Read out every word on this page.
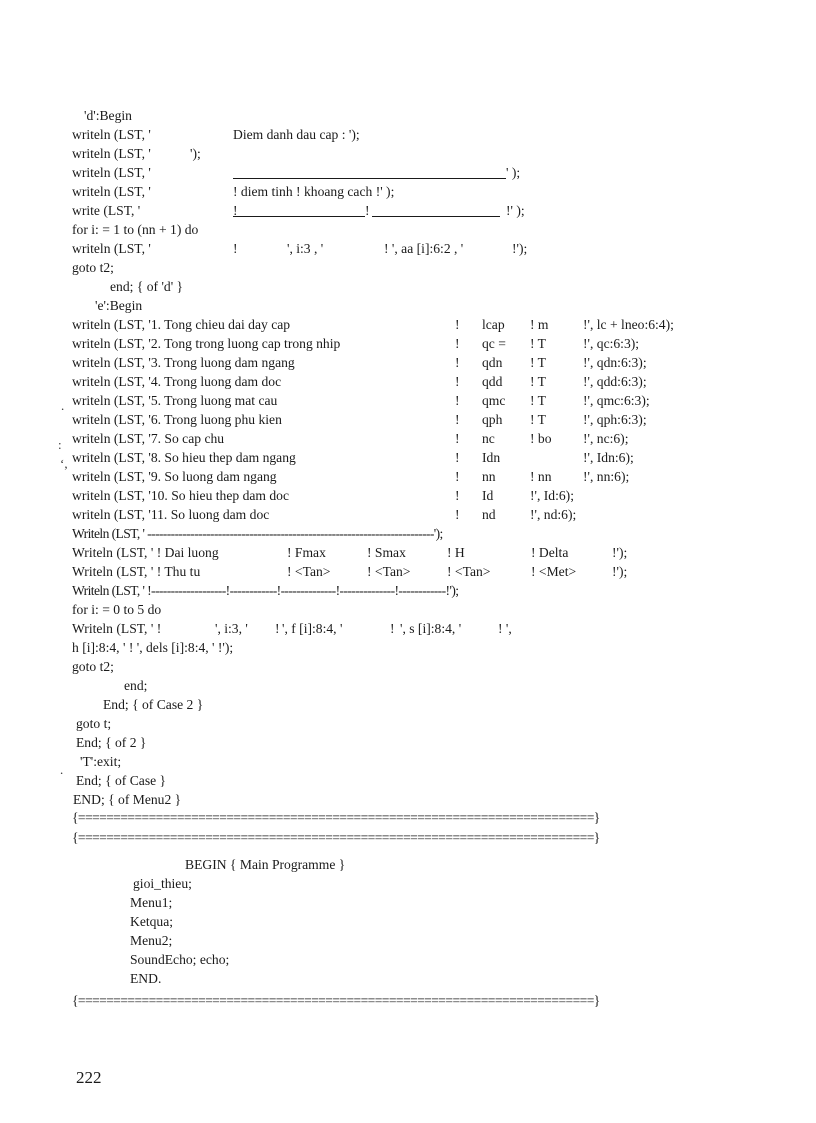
'd':Begin
writeln (LST, '	Diem danh dau cap : ');
writeln (LST, '	');
writeln (LST, '	' );
writeln (LST, '	! diem tinh ! khoang cach !' );
write (LST, '	!	!	!' );
for i: = 1 to (nn + 1) do
writeln (LST, '	!	', i:3 , '	! ', aa [i]:6:2 , '	!');
goto t2;
end; { of 'd' }
'e':Begin
writeln (LST, '1. Tong chieu dai day cap	! lcap ! m	!', lc + lneo:6:4);
writeln (LST, '2. Tong trong luong cap trong nhip	! qc = ! T	!', qc:6:3);
writeln (LST, '3. Trong luong dam ngang	! qdn ! T	!', qdn:6:3);
writeln (LST, '4. Trong luong dam doc	! qdd ! T	!', qdd:6:3);
writeln (LST, '5. Trong luong mat cau	! qmc ! T	!', qmc:6:3);
writeln (LST, '6. Trong luong phu kien	! qph ! T	!', qph:6:3);
writeln (LST, '7. So cap chu	! nc	! bo !', nc:6);
writeln (LST, '8. So hieu thep dam ngang	! Idn	!', Idn:6);
writeln (LST, '9. So luong dam ngang	! nn	! nn !', nn:6);
writeln (LST, '10. So hieu thep dam doc	! Id	!', Id:6);
writeln (LST, '11. So luong dam doc	! nd	!', nd:6);
Writeln (LST, ' -------------------------------------------------------------------------');
Writeln (LST, ' ! Dai luong	! Fmax	! Smax	! H	! Delta	!');
Writeln (LST, ' ! Thu tu	! <Tan>	! <Tan>	! <Tan>	! <Met>	!');
Writeln (LST, ' !-------------------!------------!--------------!--------------!------------!');
for i: = 0 to 5 do
Writeln (LST, ' !	', i:3, ' ! ', f [i]:8:4, '	! ', s [i]:8:4, '	! ',
h [i]:8:4, ' ! ', dels [i]:8:4, ' !');
goto t2;
end;
End; { of Case 2 }
goto t;
End; { of 2 }
'T':exit;
End; { of Case }
END; { of Menu2 }
{=========================================================================}
{=========================================================================}
BEGIN { Main Programme }
gioi_thieu;
Menu1;
Ketqua;
Menu2;
SoundEcho; echo;
END.
{=========================================================================}
.
:
‘,
.
222
